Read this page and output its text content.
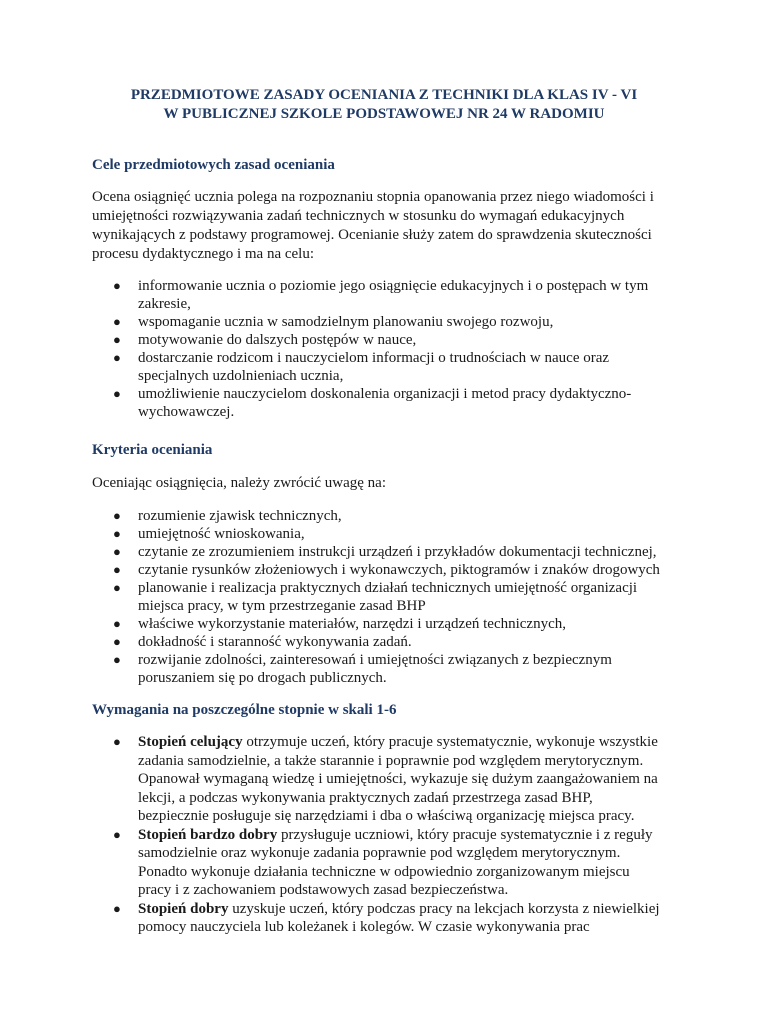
PRZEDMIOTOWE ZASADY OCENIANIA Z TECHNIKI DLA KLAS IV - VI
W PUBLICZNEJ SZKOLE PODSTAWOWEJ NR 24 W RADOMIU
Cele przedmiotowych zasad oceniania
Ocena osiągnięć ucznia polega na rozpoznaniu stopnia opanowania przez niego wiadomości i
umiejętności rozwiązywania zadań technicznych w stosunku do wymagań edukacyjnych
wynikających z podstawy programowej. Ocenianie służy zatem do sprawdzenia skuteczności
procesu dydaktycznego i ma na celu:
● informowanie ucznia o poziomie jego osiągnięcie edukacyjnych i o postępach w tym
zakresie,
● wspomaganie ucznia w samodzielnym planowaniu swojego rozwoju,
● motywowanie do dalszych postępów w nauce,
● dostarczanie rodzicom i nauczycielom informacji o trudnościach w nauce oraz
specjalnych uzdolnieniach ucznia,
● umożliwienie nauczycielom doskonalenia organizacji i metod pracy dydaktyczno-
wychowawczej.
Kryteria oceniania
Oceniając osiągnięcia, należy zwrócić uwagę na:
● rozumienie zjawisk technicznych,
● umiejętność wnioskowania,
● czytanie ze zrozumieniem instrukcji urządzeń i przykładów dokumentacji technicznej,
● czytanie rysunków złożeniowych i wykonawczych, piktogramów i znaków drogowych
● planowanie i realizacja praktycznych działań technicznych umiejętność organizacji
miejsca pracy, w tym przestrzeganie zasad BHP
● właściwe wykorzystanie materiałów, narzędzi i urządzeń technicznych,
● dokładność i staranność wykonywania zadań.
● rozwijanie zdolności, zainteresowań i umiejętności związanych z bezpiecznym
poruszaniem się po drogach publicznych.
Wymagania na poszczególne stopnie w skali 1-6
● Stopień celujący otrzymuje uczeń, który pracuje systematycznie, wykonuje wszystkie
zadania samodzielnie, a także starannie i poprawnie pod względem merytorycznym.
Opanował wymaganą wiedzę i umiejętności, wykazuje się dużym zaangażowaniem na
lekcji, a podczas wykonywania praktycznych zadań przestrzega zasad BHP,
bezpiecznie posługuje się narzędziami i dba o właściwą organizację miejsca pracy.
● Stopień bardzo dobry przysługuje uczniowi, który pracuje systematycznie i z reguły
samodzielnie oraz wykonuje zadania poprawnie pod względem merytorycznym.
Ponadto wykonuje działania techniczne w odpowiednio zorganizowanym miejscu
pracy i z zachowaniem podstawowych zasad bezpieczeństwa.
● Stopień dobry uzyskuje uczeń, który podczas pracy na lekcjach korzysta z niewielkiej
pomocy nauczyciela lub koleżanek i kolegów. W czasie wykonywania prac
